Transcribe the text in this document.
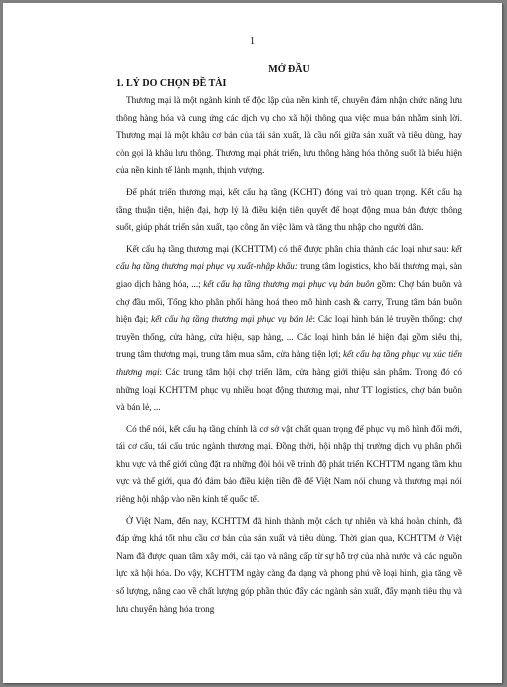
1
MỞ ĐẦU
1. LÝ DO CHỌN ĐỀ TÀI

Thương mại là một ngành kinh tế độc lập của nền kinh tế, chuyên đảm nhận chức năng lưu thông hàng hóa và cung ứng các dịch vụ cho xã hội thông qua việc mua bán nhằm sinh lời. Thương mại là một khâu cơ bản của tái sản xuất, là cầu nối giữa sản xuất và tiêu dùng, hay còn gọi là khâu lưu thông. Thương mại phát triển, lưu thông hàng hóa thông suốt là biểu hiện của nền kinh tế lành mạnh, thịnh vượng.

Để phát triển thương mại, kết cấu hạ tầng (KCHT) đóng vai trò quan trọng. Kết cấu hạ tầng thuận tiện, hiện đại, hợp lý là điều kiện tiên quyết để hoạt động mua bán được thông suốt, giúp phát triển sản xuất, tạo công ăn việc làm và tăng thu nhập cho người dân.

Kết cấu hạ tầng thương mại (KCHTTM) có thể được phân chia thành các loại như sau: kết cấu hạ tầng thương mại phục vụ xuất-nhập khẩu: trung tâm logistics, kho bãi thương mại, sàn giao dịch hàng hóa, ...; kết cấu hạ tầng thương mại phục vụ bán buôn gồm: Chợ bán buôn và chợ đầu mối, Tổng kho phân phối hàng hoá theo mô hình cash & carry, Trung tâm bán buôn hiện đại; kết cấu hạ tầng thương mại phục vụ bán lẻ: Các loại hình bán lẻ truyền thống: chợ truyền thống, cửa hàng, cửa hiệu, sạp hàng, ... Các loại hình bán lẻ hiện đại gồm siêu thị, trung tâm thương mại, trung tâm mua sắm, cửa hàng tiện lợi; kết cấu hạ tầng phục vụ xúc tiến thương mại: Các trung tâm hội chợ triển lãm, cửa hàng giới thiệu sản phẩm. Trong đó có những loại KCHTTM phục vụ nhiều hoạt động thương mại, như TT logistics, chợ bán buôn và bán lẻ, ...

Có thể nói, kết cấu hạ tầng chính là cơ sở vật chất quan trọng để phục vụ mô hình đổi mới, tái cơ cấu, tái cấu trúc ngành thương mại. Đồng thời, hội nhập thị trường dịch vụ phân phối khu vực và thế giới cũng đặt ra những đòi hỏi về trình độ phát triển KCHTTM ngang tầm khu vực và thế giới, qua đó đảm bảo điều kiện tiền đề để Việt Nam nói chung và thương mại nói riêng hội nhập vào nền kinh tế quốc tế.

Ở Việt Nam, đến nay, KCHTTM đã hình thành một cách tự nhiên và khá hoàn chỉnh, đã đáp ứng khá tốt nhu cầu cơ bản của sản xuất và tiêu dùng. Thời gian qua, KCHTTM ở Việt Nam đã được quan tâm xây mới, cải tạo và nâng cấp từ sự hỗ trợ của nhà nước và các nguồn lực xã hội hóa. Do vậy, KCHTTM ngày càng đa dạng và phong phú về loại hình, gia tăng về số lượng, nâng cao về chất lượng góp phần thúc đẩy các ngành sản xuất, đẩy mạnh tiêu thụ và lưu chuyển hàng hóa trong
